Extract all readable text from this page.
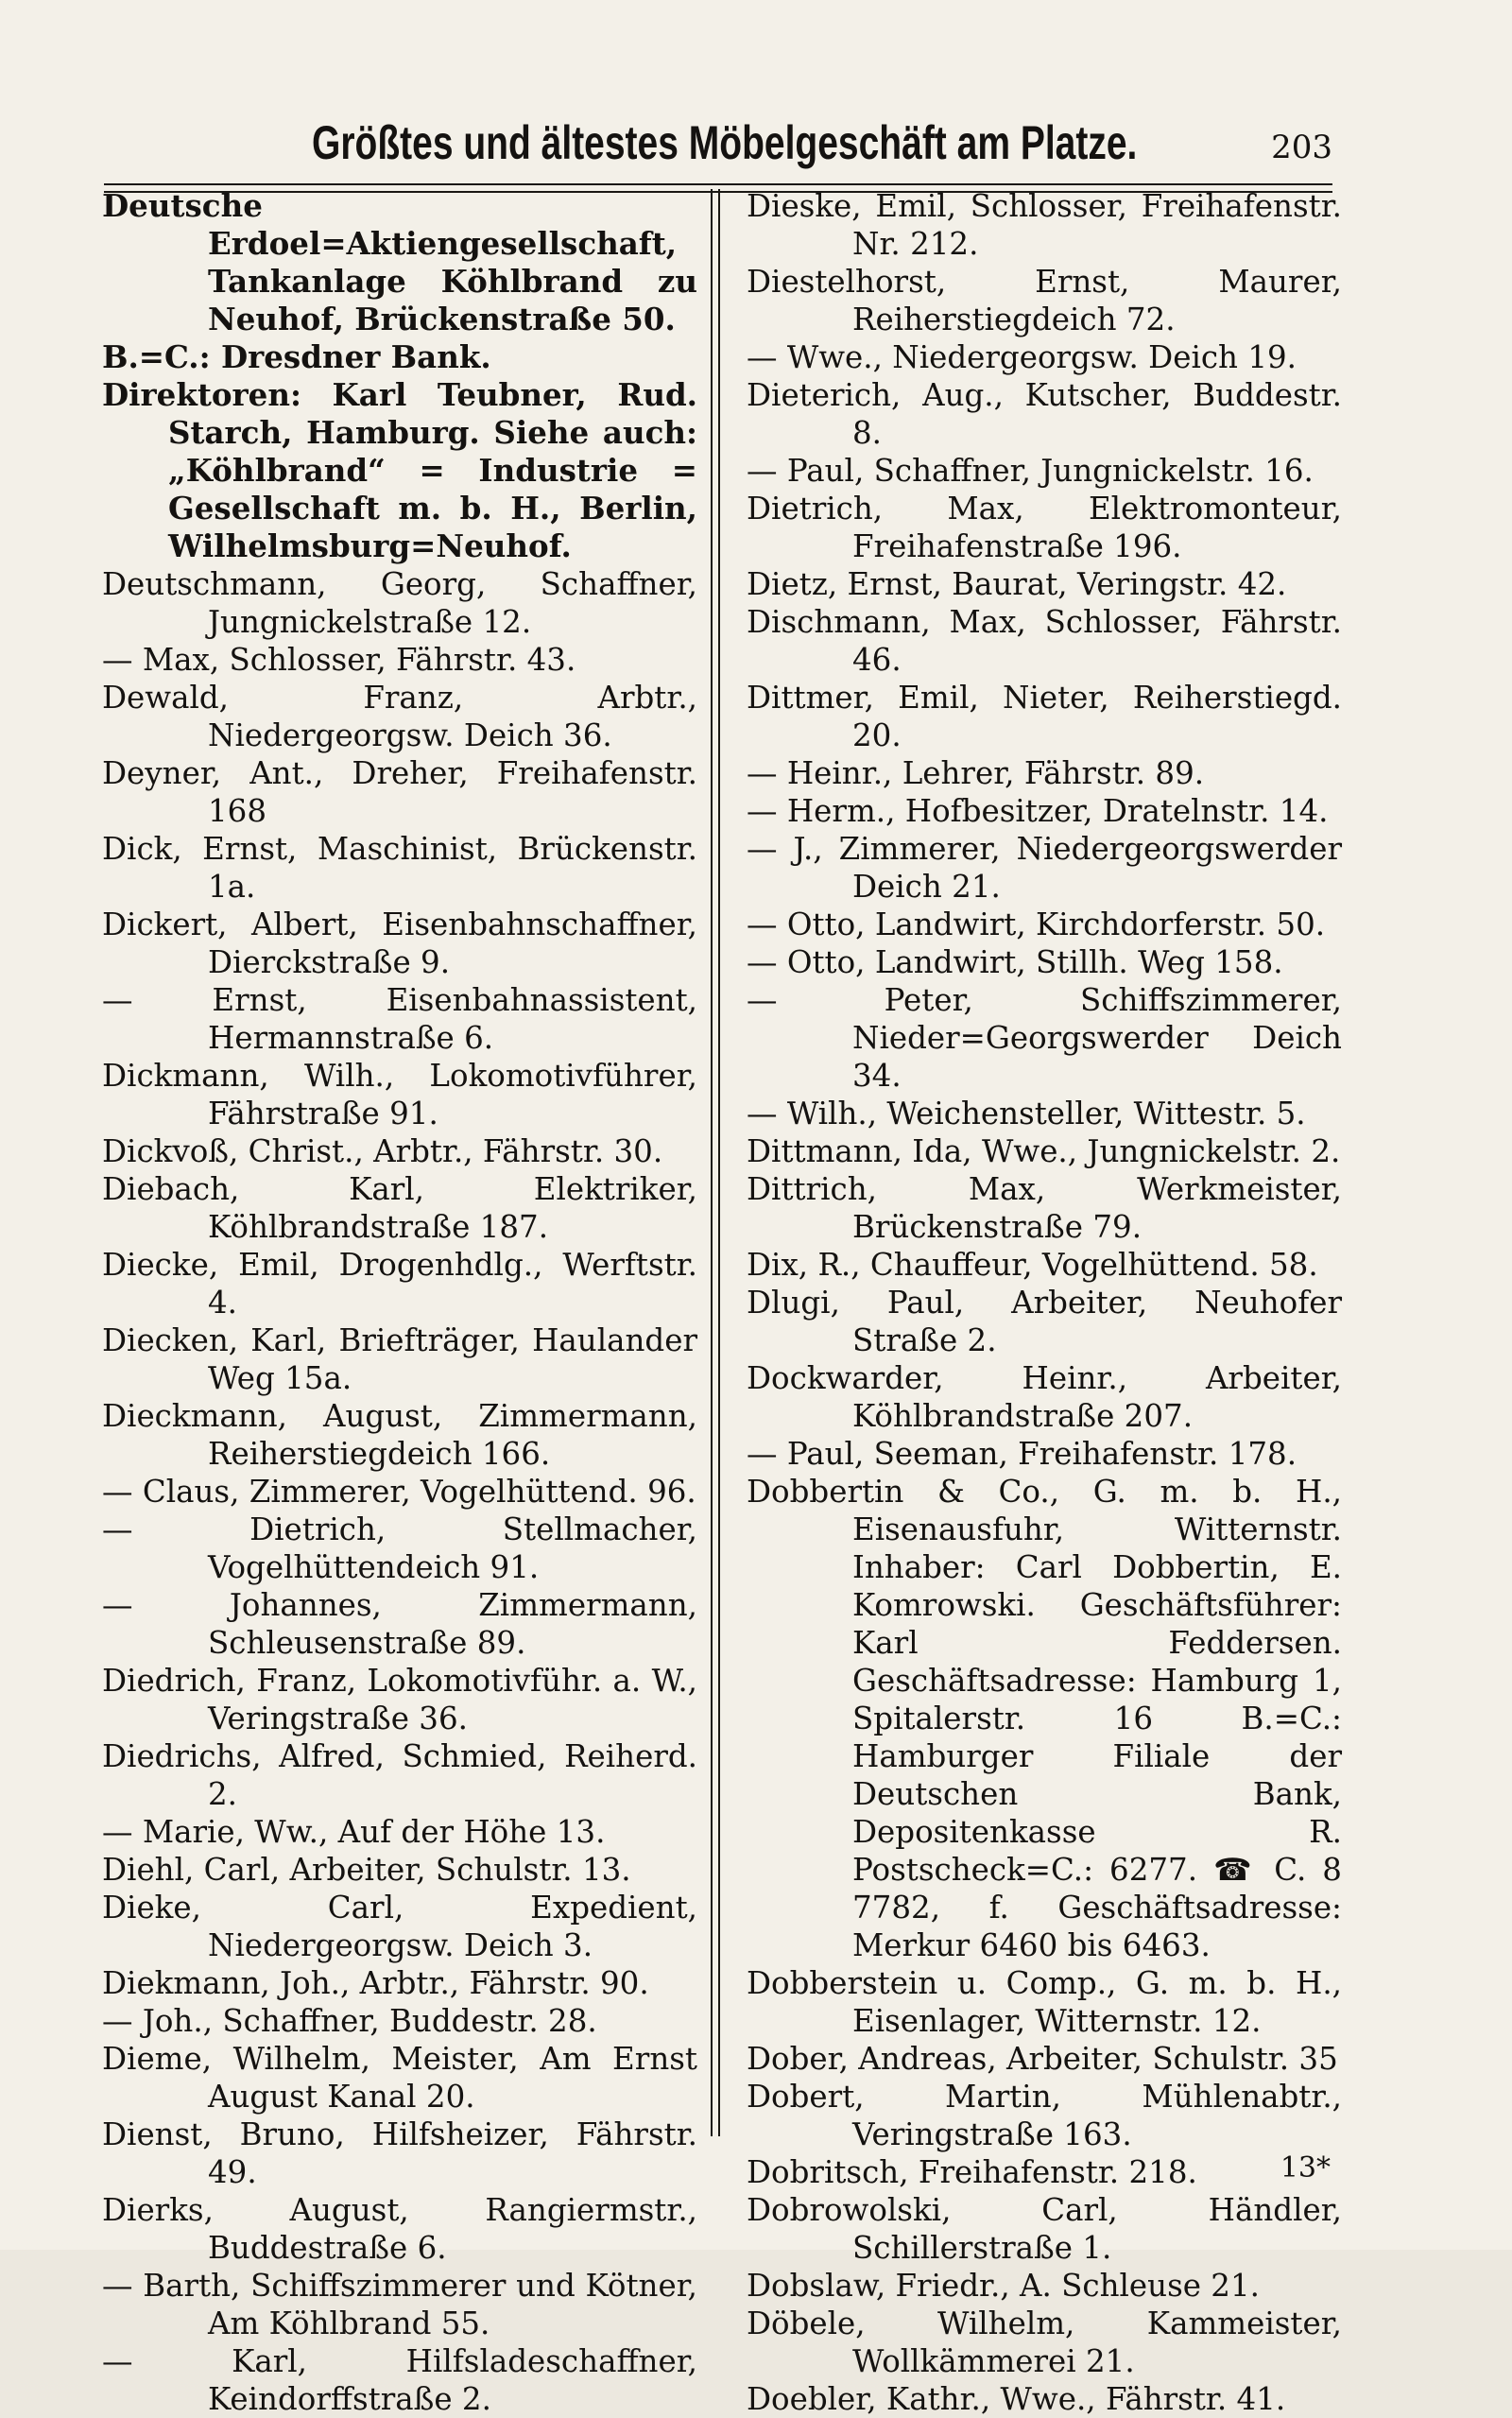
Größtes und ältestes Möbelgeschäft am Platze.	203
Deutsche Erdoel=Aktiengesellschaft, Tankanlage Köhlbrand zu Neuhof, Brückenstraße 50.
B.=C.: Dresdner Bank.
Direktoren: Karl Teubner, Rud. Starch, Hamburg. Siehe auch: „Köhlbrand“ = Industrie = Gesellschaft m. b. H., Berlin, Wilhelmsburg=Neuhof.
Deutschmann, Georg, Schaffner, Jungnickelstraße 12.
— Max, Schlosser, Fährstr. 43.
Dewald, Franz, Arbtr., Niedergeorgsw. Deich 36.
Deyner, Ant., Dreher, Freihafenstr. 168
Dick, Ernst, Maschinist, Brückenstr. 1a.
Dickert, Albert, Eisenbahnschaffner, Dierckstraße 9.
— Ernst, Eisenbahnassistent, Hermannstraße 6.
Dickmann, Wilh., Lokomotivführer, Fährstraße 91.
Dickvoß, Christ., Arbtr., Fährstr. 30.
Diebach, Karl, Elektriker, Köhlbrandstraße 187.
Diecke, Emil, Drogenhdlg., Werftstr. 4.
Diecken, Karl, Briefträger, Haulander Weg 15a.
Dieckmann, August, Zimmermann, Reiherstiegdeich 166.
— Claus, Zimmerer, Vogelhüttend. 96.
— Dietrich, Stellmacher, Vogelhüttendeich 91.
— Johannes, Zimmermann, Schleusenstraße 89.
Diedrich, Franz, Lokomotivführ. a. W., Veringstraße 36.
Diedrichs, Alfred, Schmied, Reiherd. 2.
— Marie, Ww., Auf der Höhe 13.
Diehl, Carl, Arbeiter, Schulstr. 13.
Dieke, Carl, Expedient, Niedergeorgsw. Deich 3.
Diekmann, Joh., Arbtr., Fährstr. 90.
— Joh., Schaffner, Buddestr. 28.
Dieme, Wilhelm, Meister, Am Ernst August Kanal 20.
Dienst, Bruno, Hilfsheizer, Fährstr. 49.
Dierks, August, Rangiermstr., Buddestraße 6.
— Barth, Schiffszimmerer und Kötner, Am Köhlbrand 55.
— Karl, Hilfsladeschaffner, Keindorffstraße 2.
Dieske, Emil, Schlosser, Freihafenstr. Nr. 212.
Diestelhorst, Ernst, Maurer, Reiherstiegdeich 72.
— Wwe., Niedergeorgsw. Deich 19.
Dieterich, Aug., Kutscher, Buddestr. 8.
— Paul, Schaffner, Jungnickelstr. 16.
Dietrich, Max, Elektromonteur, Freihafenstraße 196.
Dietz, Ernst, Baurat, Veringstr. 42.
Dischmann, Max, Schlosser, Fährstr. 46.
Dittmer, Emil, Nieter, Reiherstiegd. 20.
— Heinr., Lehrer, Fährstr. 89.
— Herm., Hofbesitzer, Dratelnstr. 14.
— J., Zimmerer, Niedergeorgswerder Deich 21.
— Otto, Landwirt, Kirchdorferstr. 50.
— Otto, Landwirt, Stillh. Weg 158.
— Peter, Schiffszimmerer, Nieder=Georgswerder Deich 34.
— Wilh., Weichensteller, Wittestr. 5.
Dittmann, Ida, Wwe., Jungnickelstr. 2.
Dittrich, Max, Werkmeister, Brückenstraße 79.
Dix, R., Chauffeur, Vogelhüttend. 58.
Dlugi, Paul, Arbeiter, Neuhofer Straße 2.
Dockwarder, Heinr., Arbeiter, Köhlbrandstraße 207.
— Paul, Seeman, Freihafenstr. 178.
Dobbertin & Co., G. m. b. H., Eisenausfuhr, Witternstr. Inhaber: Carl Dobbertin, E. Komrowski. Geschäftsführer: Karl Feddersen. Geschäftsadresse: Hamburg 1, Spitalerstr. 16 B.=C.: Hamburger Filiale der Deutschen Bank, Depositenkasse R. Postscheck=C.: 6277. ☎ C. 8 7782, f. Geschäftsadresse: Merkur 6460 bis 6463.
Dobberstein u. Comp., G. m. b. H., Eisenlager, Witternstr. 12.
Dober, Andreas, Arbeiter, Schulstr. 35
Dobert, Martin, Mühlenabtr., Veringstraße 163.
Dobritsch, Freihafenstr. 218.
Dobrowolski, Carl, Händler, Schillerstraße 1.
Dobslaw, Friedr., A. Schleuse 21.
Döbele, Wilhelm, Kammeister, Wollkämmerei 21.
Doebler, Kathr., Wwe., Fährstr. 41.
13*
